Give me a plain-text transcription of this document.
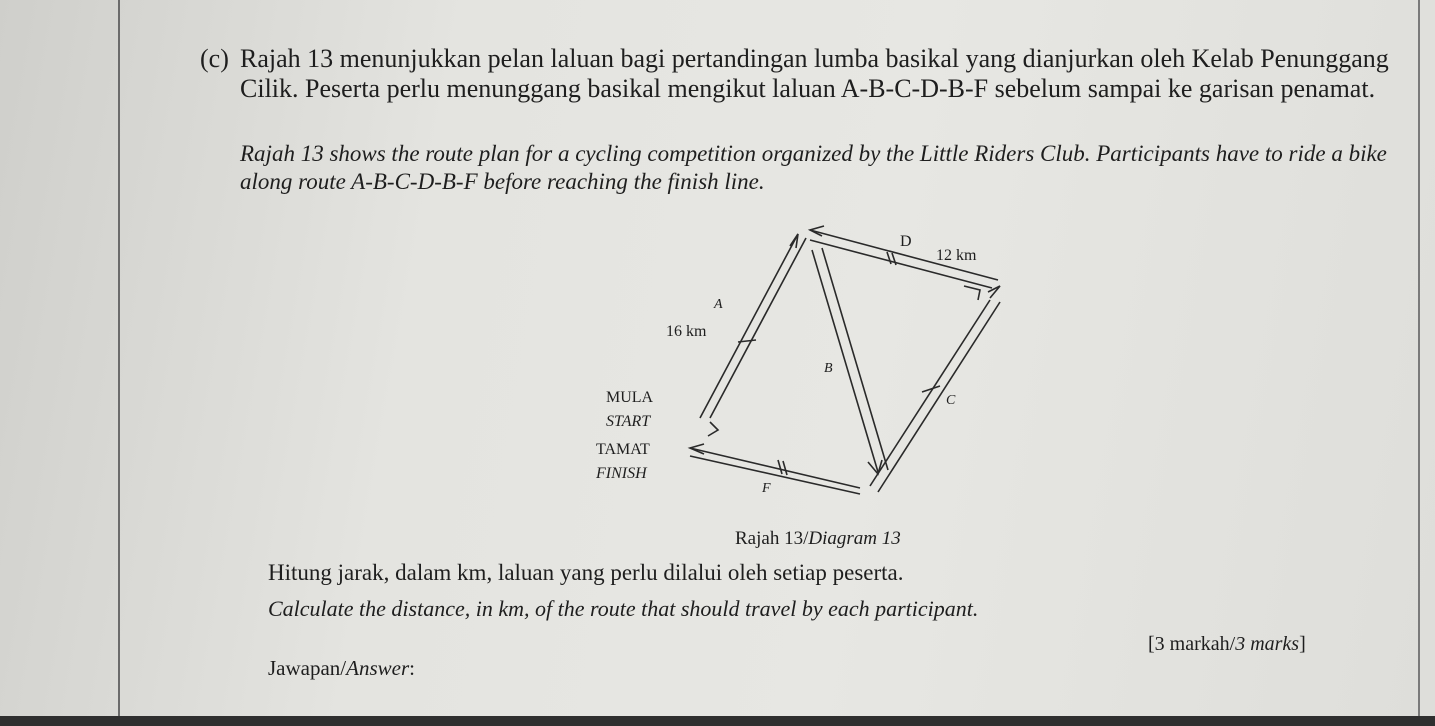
(c) Rajah 13 menunjukkan pelan laluan bagi pertandingan lumba basikal yang dianjurkan oleh Kelab Penunggang Cilik. Peserta perlu menunggang basikal mengikut laluan A-B-C-D-B-F sebelum sampai ke garisan penamat.
Rajah 13 shows the route plan for a cycling competition organized by the Little Riders Club. Participants have to ride a bike along route A-B-C-D-B-F before reaching the finish line.
D
12 km
A
16 km
B
C
MULA
START
TAMAT
FINISH
F
Rajah 13/Diagram 13
Hitung jarak, dalam km, laluan yang perlu dilalui oleh setiap peserta.
Calculate the distance, in km, of the route that should travel by each participant.
[3 markah/3 marks]
Jawapan/Answer:
